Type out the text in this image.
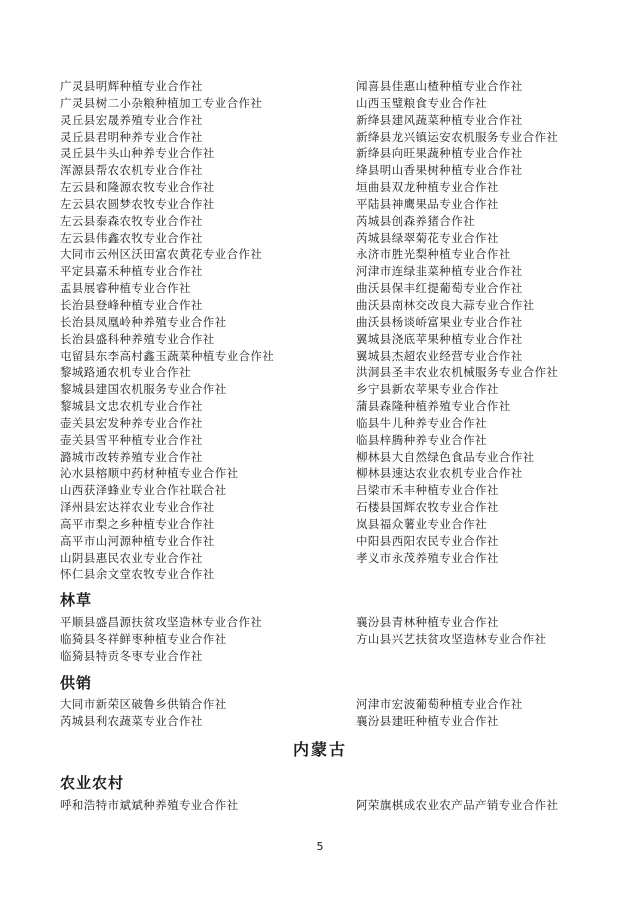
广灵县明辉种植专业合作社
广灵县树二小杂粮种植加工专业合作社
灵丘县宏晟养殖专业合作社
灵丘县君明种养专业合作社
灵丘县牛头山种养专业合作社
浑源县帮农农机专业合作社
左云县和隆源农牧专业合作社
左云县农圆梦农牧专业合作社
左云县泰森农牧专业合作社
左云县伟鑫农牧专业合作社
大同市云州区沃田富农黄花专业合作社
平定县嘉禾种植专业合作社
盂县展睿种植专业合作社
长治县登峰种植专业合作社
长治县凤凰岭种养殖专业合作社
长治县盛科种养殖专业合作社
屯留县东李高村鑫玉蔬菜种植专业合作社
黎城路通农机专业合作社
黎城县建国农机服务专业合作社
黎城县文忠农机专业合作社
壶关县宏发种养专业合作社
壶关县雪平种植专业合作社
潞城市改转养殖专业合作社
沁水县榕顺中药材种植专业合作社
山西获泽蜂业专业合作社联合社
泽州县宏达祥农业专业合作社
高平市梨之乡种植专业合作社
高平市山河源种植专业合作社
山阴县惠民农业专业合作社
怀仁县余文堂农牧专业合作社
闻喜县佳惠山楂种植专业合作社
山西玉璧粮食专业合作社
新绛县建风蔬菜种植专业合作社
新绛县龙兴镇运安农机服务专业合作社
新绛县向旺果蔬种植专业合作社
绛县明山香果树种植专业合作社
垣曲县双龙种植专业合作社
平陆县神鹰果品专业合作社
芮城县创森养猪合作社
芮城县绿翠菊花专业合作社
永济市胜光梨种植专业合作社
河津市连绿韭菜种植专业合作社
曲沃县保丰红提葡萄专业合作社
曲沃县南林交改良大蒜专业合作社
曲沃县杨谈峤富果业专业合作社
翼城县浇底苹果种植专业合作社
翼城县杰超农业经营专业合作社
洪洞县圣丰农业农机械服务专业合作社
乡宁县新农苹果专业合作社
蒲县森隆种植养殖专业合作社
临县牛儿种养专业合作社
临县梓腾种养专业合作社
柳林县大自然绿色食品专业合作社
柳林县速达农业农机专业合作社
吕梁市禾丰种植专业合作社
石楼县国辉农牧专业合作社
岚县福众薯业专业合作社
中阳县西阳农民专业合作社
孝义市永茂养殖专业合作社
林草
平顺县盛昌源扶贫攻坚造林专业合作社
临猗县冬祥鲜枣种植专业合作社
临猗县特贡冬枣专业合作社
襄汾县青林种植专业合作社
方山县兴艺扶贫攻坚造林专业合作社
供销
大同市新荣区破鲁乡供销合作社
芮城县利农蔬菜专业合作社
河津市宏波葡萄种植专业合作社
襄汾县建旺种植专业合作社
内蒙古
农业农村
呼和浩特市斌斌种养殖专业合作社	阿荣旗棋成农业农产品产销专业合作社
5
